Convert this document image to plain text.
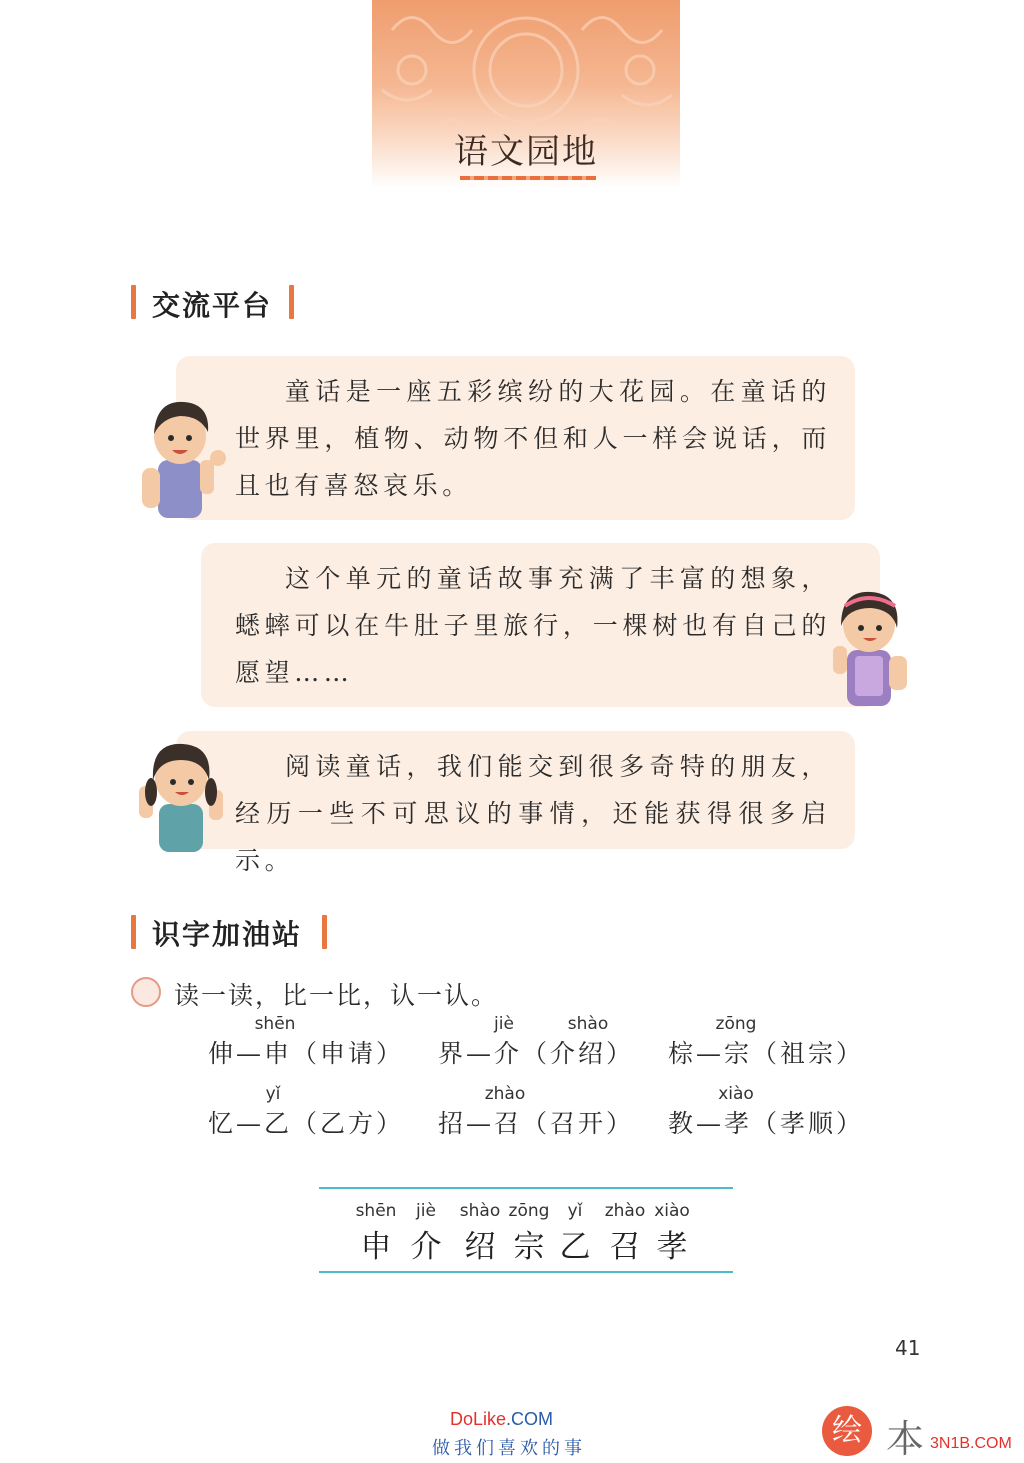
语文园地
交流平台
童话是一座五彩缤纷的大花园。在童话的世界里，植物、动物不但和人一样会说话，而且也有喜怒哀乐。
这个单元的童话故事充满了丰富的想象，蟋蟀可以在牛肚子里旅行，一棵树也有自己的愿望……
阅读童话，我们能交到很多奇特的朋友，经历一些不可思议的事情，还能获得很多启示。
识字加油站
读一读，比一比，认一认。
shēn
伸—申（申请）
jiè	shào
界—介（介绍）
zōng
棕—宗（祖宗）
yǐ
忆—乙（乙方）
zhào
招—召（召开）
xiào
教—孝（孝顺）
shēn
申
jiè
介
shào
绍
zōng
宗
yǐ
乙
zhào
召
xiào
孝
41
DoLike.COM
做我们喜欢的事
绘 本 3N1B.COM
